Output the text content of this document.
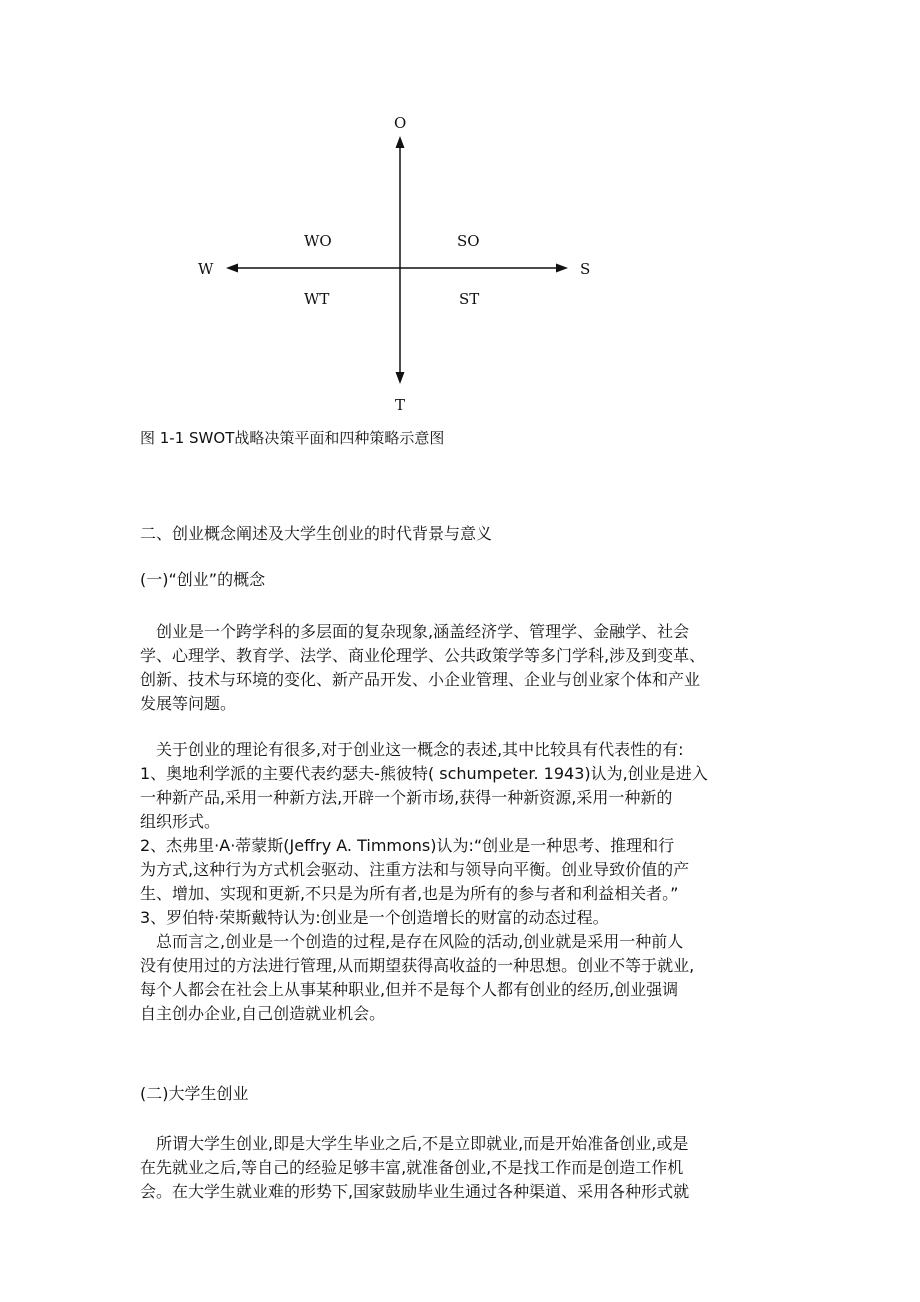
O
W	S
T
WO	SO
WT	ST
图 1-1 SWOT战略决策平面和四种策略示意图
二、创业概念阐述及大学生创业的时代背景与意义
(一)“创业”的概念
　创业是一个跨学科的多层面的复杂现象,涵盖经济学、管理学、金融学、社会
学、心理学、教育学、法学、商业伦理学、公共政策学等多门学科,涉及到变革、
创新、技术与环境的变化、新产品开发、小企业管理、企业与创业家个体和产业
发展等问题。
　关于创业的理论有很多,对于创业这一概念的表述,其中比较具有代表性的有:
1、奥地利学派的主要代表约瑟夫-熊彼特( schumpeter. 1943)认为,创业是进入
一种新产品,采用一种新方法,开辟一个新市场,获得一种新资源,采用一种新的
组织形式。
2、杰弗里·A·蒂蒙斯(Jeffry A. Timmons)认为:“创业是一种思考、推理和行
为方式,这种行为方式机会驱动、注重方法和与领导向平衡。创业导致价值的产
生、增加、实现和更新,不只是为所有者,也是为所有的参与者和利益相关者。”
3、罗伯特·荣斯戴特认为:创业是一个创造增长的财富的动态过程。
　总而言之,创业是一个创造的过程,是存在风险的活动,创业就是采用一种前人
没有使用过的方法进行管理,从而期望获得高收益的一种思想。创业不等于就业,
每个人都会在社会上从事某种职业,但并不是每个人都有创业的经历,创业强调
自主创办企业,自己创造就业机会。
(二)大学生创业
　所谓大学生创业,即是大学生毕业之后,不是立即就业,而是开始准备创业,或是
在先就业之后,等自己的经验足够丰富,就准备创业,不是找工作而是创造工作机
会。在大学生就业难的形势下,国家鼓励毕业生通过各种渠道、采用各种形式就
